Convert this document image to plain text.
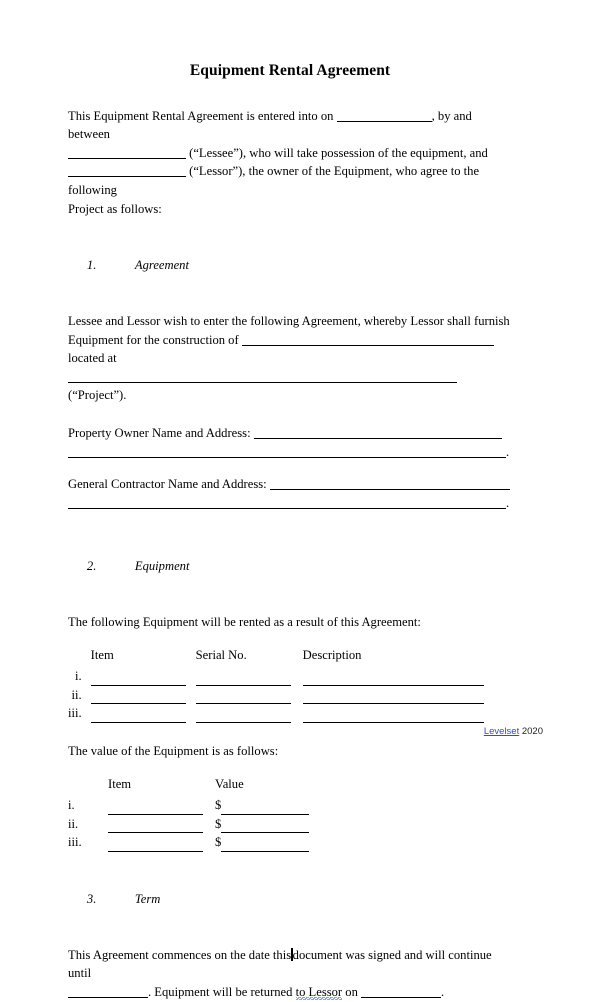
Equipment Rental Agreement
This Equipment Rental Agreement is entered into on	, by and between
(“Lessee”), who will take possession of the equipment, and
(“Lessor”), the owner of the Equipment, who agree to the following
Project as follows:

1.	Agreement

Lessee and Lessor wish to enter the following Agreement, whereby Lessor shall furnish
Equipment for the construction of  located at
(“Project”).
Property Owner Name and Address:
.
General Contractor Name and Address:
.

2.	Equipment

The following Equipment will be rented as a result of this Agreement:
	Item	Serial No.	Description
i.	

ii.	

iii.	

The value of the Equipment is as follows:
	Item	Value
i.		$
ii.		$
iii.		$

3.	Term

This Agreement commences on the date this document was signed and will continue until
. Equipment will be returned to Lessor on	.
Levelset 2020
